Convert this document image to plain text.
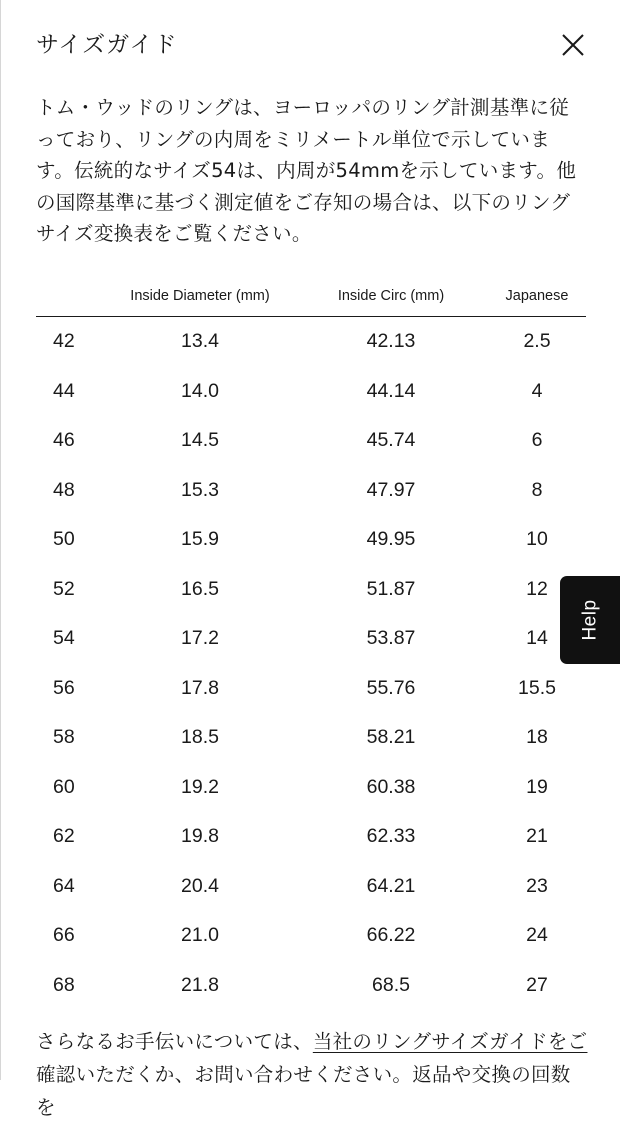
サイズガイド

トム・ウッドのリングは、ヨーロッパのリング計測基準に従っており、リングの内周をミリメートル単位で示しています。伝統的なサイズ54は、内周が54mmを示しています。他の国際基準に基づく測定値をご存知の場合は、以下のリングサイズ変換表をご覧ください。

	Inside Diameter (mm)	Inside Circ (mm)	Japanese
42	13.4	42.13	2.5
44	14.0	44.14	4
46	14.5	45.74	6
48	15.3	47.97	8
50	15.9	49.95	10
52	16.5	51.87	12
54	17.2	53.87	14
56	17.8	55.76	15.5
58	18.5	58.21	18
60	19.2	60.38	19
62	19.8	62.33	21
64	20.4	64.21	23
66	21.0	66.22	24
68	21.8	68.5	27

さらなるお手伝いについては、当社のリングサイズガイドをご確認いただくか、お問い合わせください。返品や交換の回数を

Help
